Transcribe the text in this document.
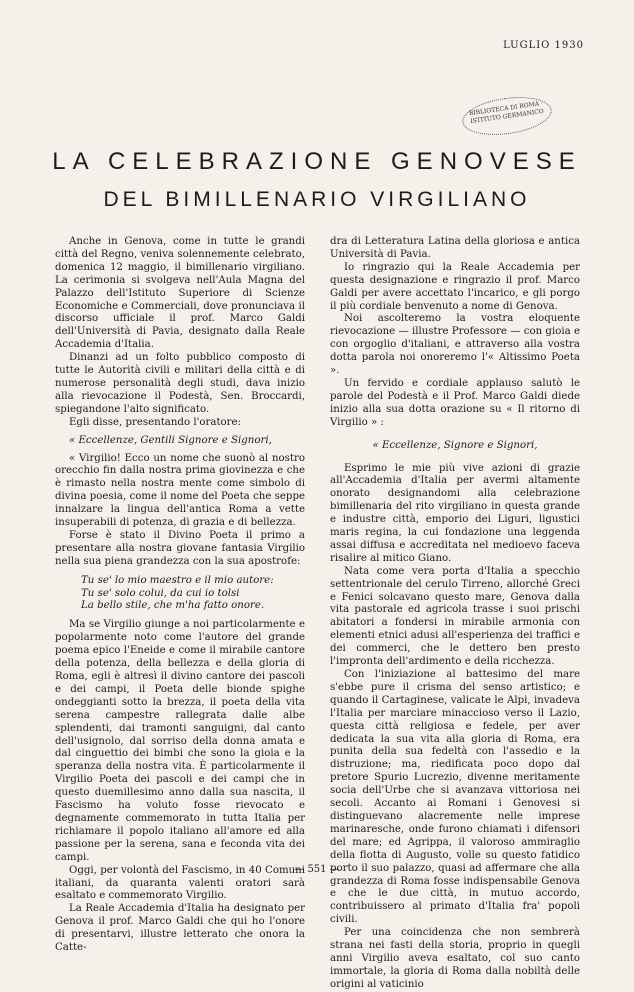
LUGLIO 1930
BIBLIOTECA DI ROMA · ISTITUTO GERMANICO
LA CELEBRAZIONE GENOVESE
DEL BIMILLENARIO VIRGILIANO

Anche in Genova, come in tutte le grandi città del Regno, veniva solennemente celebrato, domenica 12 maggio, il bimillenario virgiliano. La cerimonia si svolgeva nell'Aula Magna del Palazzo dell'Istituto Superiore di Scienze Economiche e Commerciali, dove pronunciava il discorso ufficiale il prof. Marco Galdi dell'Università di Pavia, designato dalla Reale Accademia d'Italia.

Dinanzi ad un folto pubblico composto di tutte le Autorità civili e militari della città e di numerose personalità degli studi, dava inizio alla rievocazione il Podestà, Sen. Broccardi, spiegandone l'alto significato.

Egli disse, presentando l'oratore:

« Eccellenze, Gentili Signore e Signori,

« Virgilio! Ecco un nome che suonò al nostro orecchio fin dalla nostra prima giovinezza e che è rimasto nella nostra mente come simbolo di divina poesia, come il nome del Poeta che seppe innalzare la lingua dell'antica Roma a vette insuperabili di potenza, di grazia e di bellezza.

Forse è stato il Divino Poeta il primo a presentare alla nostra giovane fantasia Virgilio nella sua piena grandezza con la sua apostrofe:

Tu se' lo mio maestro e il mio autore:
Tu se' solo colui, da cui io tolsi
La bello stile, che m'ha fatto onore.

Ma se Virgilio giunge a noi particolarmente e popolarmente noto come l'autore del grande poema epico l'Eneide e come il mirabile cantore della potenza, della bellezza e della gloria di Roma, egli è altresì il divino cantore dei pascoli e dei campi, il Poeta delle bionde spighe ondeggianti sotto la brezza, il poeta della vita serena campestre rallegrata dalle albe splendenti, dai tramonti sanguigni, dal canto dell'usignolo, dal sorriso della donna amata e dal cinguettio dei bimbi che sono la gioia e la speranza della nostra vita. È particolarmente il Virgilio Poeta dei pascoli e dei campi che in questo duemillesimo anno dalla sua nascita, il Fascismo ha voluto fosse rievocato e degnamente commemorato in tutta Italia per richiamare il popolo italiano all'amore ed alla passione per la serena, sana e feconda vita dei campi.

Oggi, per volontà del Fascismo, in 40 Comuni italiani, da quaranta valenti oratori sarà esaltato e commemorato Virgilio.

La Reale Accademia d'Italia ha designato per Genova il prof. Marco Galdi che qui ho l'onore di presentarvi, illustre letterato che onora la Catte-

dra di Letteratura Latina della gloriosa e antica Università di Pavia.

Io ringrazio qui la Reale Accademia per questa designazione e ringrazio il prof. Marco Galdi per avere accettato l'incarico, e gli porgo il più cordiale benvenuto a nome di Genova.

Noi ascolteremo la vostra eloquente rievocazione — illustre Professore — con gioia e con orgoglio d'italiani, e attraverso alla vostra dotta parola noi onoreremo l'« Altissimo Poeta ».

Un fervido e cordiale applauso salutò le parole del Podestà e il Prof. Marco Galdi diede inizio alla sua dotta orazione su « Il ritorno di Virgilio » :

« Eccellenze, Signore e Signori,

Esprimo le mie più vive azioni di grazie all'Accademia d'Italia per avermi altamente onorato designandomi alla celebrazione bimillenaria del rito virgiliano in questa grande e industre città, emporio dei Liguri, ligustici maris regina, la cui fondazione una leggenda assai diffusa e accreditata nel medioevo faceva risalire al mitico Giano.

Nata come vera porta d'Italia a specchio settentrionale del cerulo Tirreno, allorché Greci e Fenici solcavano questo mare, Genova dalla vita pastorale ed agricola trasse i suoi prischi abitatori a fondersi in mirabile armonia con elementi etnici adusi all'esperienza dei traffici e dei commerci, che le dettero ben presto l'impronta dell'ardimento e della ricchezza.

Con l'iniziazione al battesimo del mare s'ebbe pure il crisma del senso artistico; e quando il Cartaginese, valicate le Alpi, invadeva l'Italia per marciare minaccioso verso il Lazio, questa città religiosa e fedele, per aver dedicata la sua vita alla gloria di Roma, era punita della sua fedeltà con l'assedio e la distruzione; ma, riedificata poco dopo dal pretore Spurio Lucrezio, divenne meritamente socia dell'Urbe che si avanzava vittoriosa nei secoli. Accanto ai Romani i Genovesi si distinguevano alacremente nelle imprese marinaresche, onde furono chiamati i difensori del mare; ed Agrippa, il valoroso ammiraglio della flotta di Augusto, volle su questo fatidico porto il suo palazzo, quasi ad affermare che alla grandezza di Roma fosse indispensabile Genova e che le due città, in mutuo accordo, contribuissero al primato d'Italia fra' popoli civili.

Per una coincidenza che non sembrerà strana nei fasti della storia, proprio in quegli anni Virgilio aveva esaltato, col suo canto immortale, la gloria di Roma dalla nobiltà delle origini al vaticinio

— 551 —
